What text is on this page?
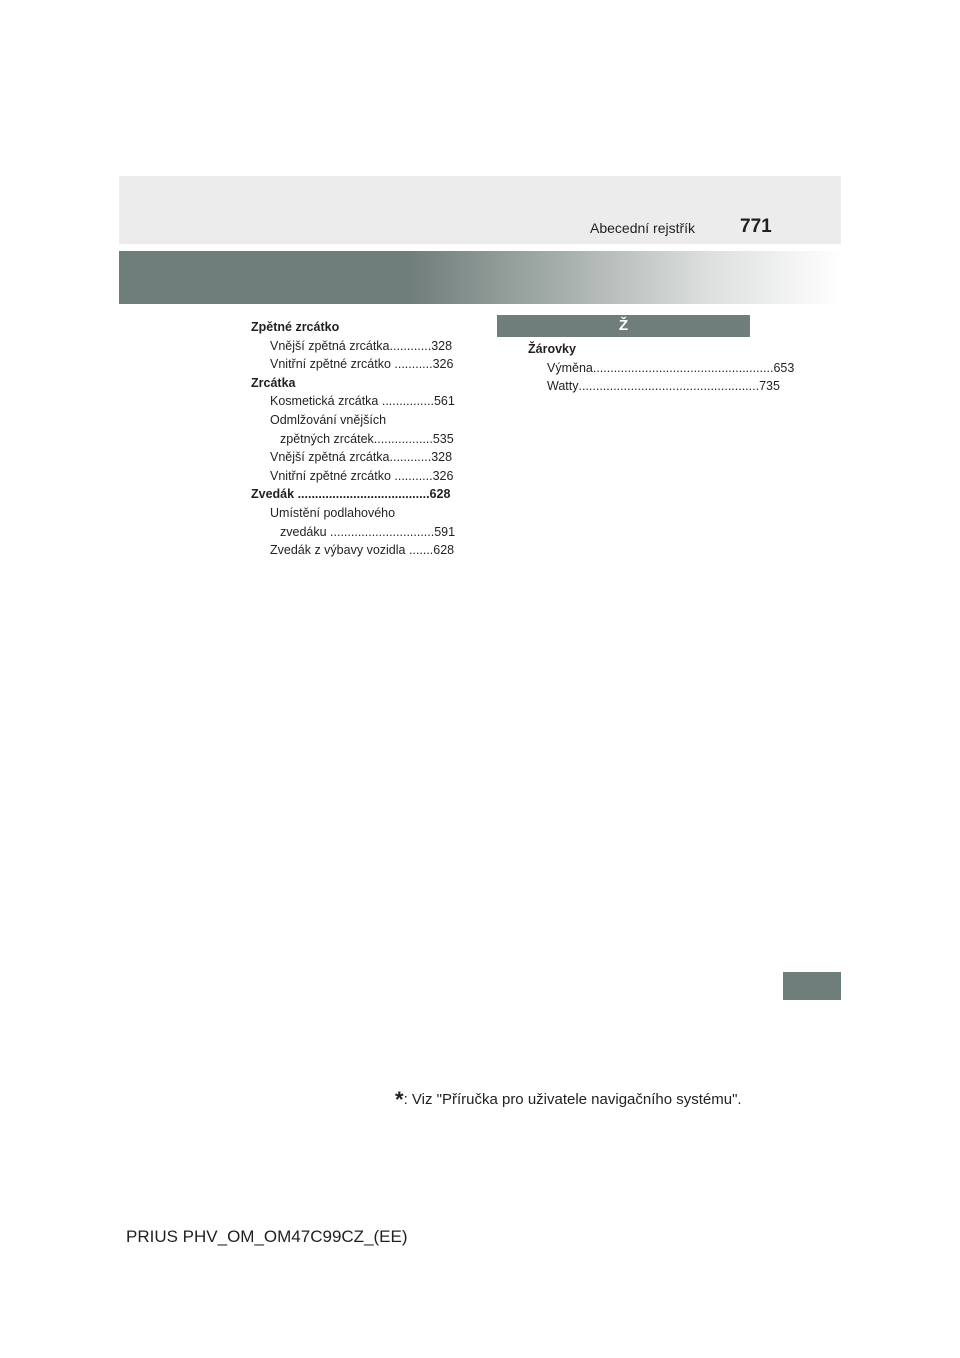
Abecední rejstřík 771
Zpětné zrcátko
Vnější zpětná zrcátka............328
Vnitřní zpětné zrcátko ...........326
Zrcátka
Kosmetická zrcátka ...............561
Odmlžování vnějších
zpětných zrcátek.................535
Vnější zpětná zrcátka............328
Vnitřní zpětné zrcátko ...........326
Zvedák ......................................628
Umístění podlahového
zvedáku ..............................591
Zvedák z výbavy vozidla .......628
Ž
Žárovky
Výměna .................................................... 653
Watty .................................................... 735
*: Viz "Příručka pro uživatele navigačního systému".
PRIUS PHV_OM_OM47C99CZ_(EE)
